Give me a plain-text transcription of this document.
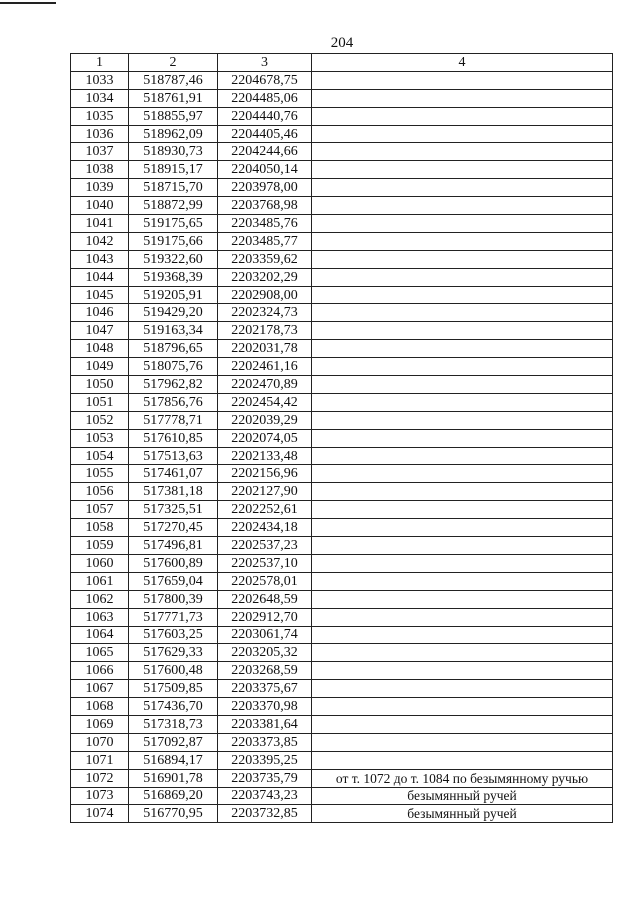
204
1	2	3	4
1033	518787,46	2204678,75	
1034	518761,91	2204485,06	
1035	518855,97	2204440,76	
1036	518962,09	2204405,46	
1037	518930,73	2204244,66	
1038	518915,17	2204050,14	
1039	518715,70	2203978,00	
1040	518872,99	2203768,98	
1041	519175,65	2203485,76	
1042	519175,66	2203485,77	
1043	519322,60	2203359,62	
1044	519368,39	2203202,29	
1045	519205,91	2202908,00	
1046	519429,20	2202324,73	
1047	519163,34	2202178,73	
1048	518796,65	2202031,78	
1049	518075,76	2202461,16	
1050	517962,82	2202470,89	
1051	517856,76	2202454,42	
1052	517778,71	2202039,29	
1053	517610,85	2202074,05	
1054	517513,63	2202133,48	
1055	517461,07	2202156,96	
1056	517381,18	2202127,90	
1057	517325,51	2202252,61	
1058	517270,45	2202434,18	
1059	517496,81	2202537,23	
1060	517600,89	2202537,10	
1061	517659,04	2202578,01	
1062	517800,39	2202648,59	
1063	517771,73	2202912,70	
1064	517603,25	2203061,74	
1065	517629,33	2203205,32	
1066	517600,48	2203268,59	
1067	517509,85	2203375,67	
1068	517436,70	2203370,98	
1069	517318,73	2203381,64	
1070	517092,87	2203373,85	
1071	516894,17	2203395,25	
1072	516901,78	2203735,79	от т. 1072 до т. 1084 по безымянному ручью
1073	516869,20	2203743,23	безымянный ручей
1074	516770,95	2203732,85	безымянный ручей
